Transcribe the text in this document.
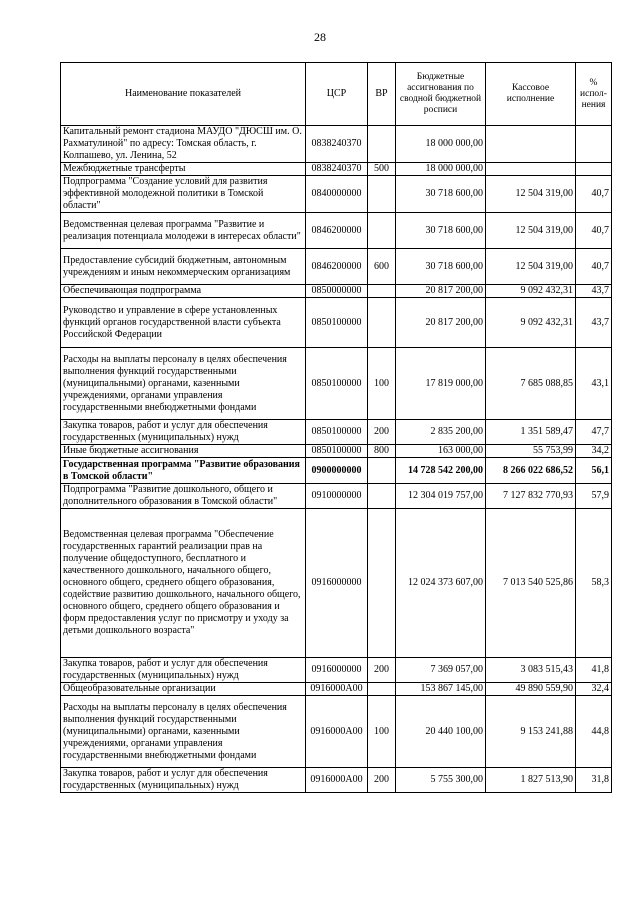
28
Наименование показателей	ЦСР	ВР	Бюджетные ассигнования по сводной бюджетной росписи	Кассовое исполнение	% испол-нения
Капитальный ремонт стадиона МАУДО "ДЮСШ им. О. Рахматулиной" по адресу: Томская область, г. Колпашево, ул. Ленина, 52	0838240370		18 000 000,00		
Межбюджетные трансферты	0838240370	500	18 000 000,00		
Подпрограмма "Создание условий для развития эффективной молодежной политики в Томской области"	0840000000		30 718 600,00	12 504 319,00	40,7
Ведомственная целевая программа "Развитие и реализация потенциала молодежи в интересах области"	0846200000		30 718 600,00	12 504 319,00	40,7
Предоставление субсидий бюджетным, автономным учреждениям и иным некоммерческим организациям	0846200000	600	30 718 600,00	12 504 319,00	40,7
Обеспечивающая подпрограмма	0850000000		20 817 200,00	9 092 432,31	43,7
Руководство и управление в сфере установленных функций органов государственной власти субъекта Российской Федерации	0850100000		20 817 200,00	9 092 432,31	43,7
Расходы на выплаты персоналу в целях обеспечения выполнения функций государственными (муниципальными) органами, казенными учреждениями, органами управления государственными внебюджетными фондами	0850100000	100	17 819 000,00	7 685 088,85	43,1
Закупка товаров, работ и услуг для обеспечения государственных (муниципальных) нужд	0850100000	200	2 835 200,00	1 351 589,47	47,7
Иные бюджетные ассигнования	0850100000	800	163 000,00	55 753,99	34,2
Государственная программа "Развитие образования в Томской области"	0900000000		14 728 542 200,00	8 266 022 686,52	56,1
Подпрограмма "Развитие дошкольного, общего и дополнительного образования в Томской области"	0910000000		12 304 019 757,00	7 127 832 770,93	57,9
Ведомственная целевая программа "Обеспечение государственных гарантий реализации прав на получение общедоступного, бесплатного и качественного дошкольного, начального общего, основного общего, среднего общего образования, содействие развитию дошкольного, начального общего, основного общего, среднего общего образования и форм предоставления услуг по присмотру и уходу за детьми дошкольного возраста"	0916000000		12 024 373 607,00	7 013 540 525,86	58,3
Закупка товаров, работ и услуг для обеспечения государственных (муниципальных) нужд	0916000000	200	7 369 057,00	3 083 515,43	41,8
Общеобразовательные организации	0916000А00		153 867 145,00	49 890 559,90	32,4
Расходы на выплаты персоналу в целях обеспечения выполнения функций государственными (муниципальными) органами, казенными учреждениями, органами управления государственными внебюджетными фондами	0916000А00	100	20 440 100,00	9 153 241,88	44,8
Закупка товаров, работ и услуг для обеспечения государственных (муниципальных) нужд	0916000А00	200	5 755 300,00	1 827 513,90	31,8
